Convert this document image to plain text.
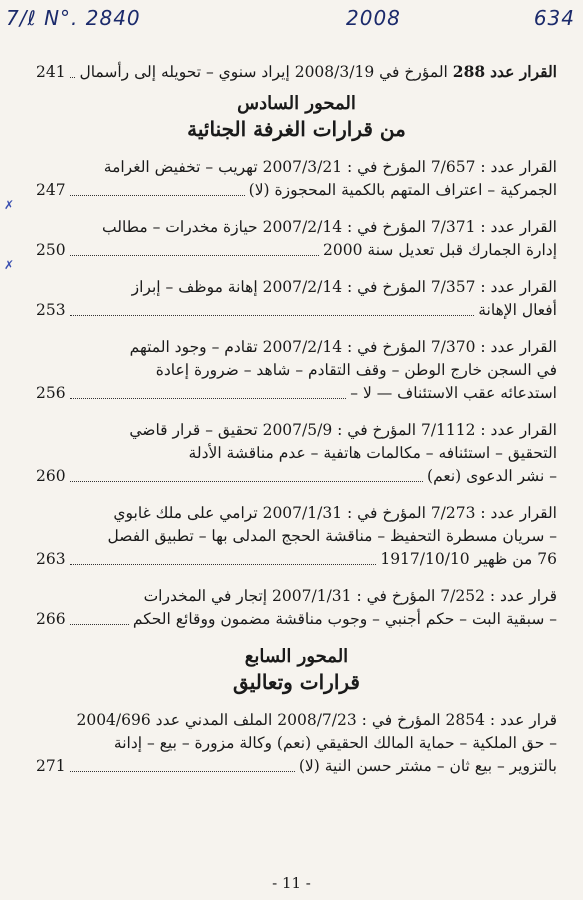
7/ℓ N°. 2840	2008	634
✗
✗
القرار عدد 288 المؤرخ في 2008/3/19 إيراد سنوي – تحويله إلى رأسمال
241
المحور السادس
من قرارات الغرفة الجنائية
القرار عدد : 7/657 المؤرخ في : 2007/3/21 تهريب – تخفيض الغرامة
الجمركية – اعتراف المتهم بالكمية المحجوزة (لا)
247
القرار عدد : 7/371 المؤرخ في : 2007/2/14 حيازة مخدرات – مطالب
إدارة الجمارك قبل تعديل سنة 2000
250
القرار عدد : 7/357 المؤرخ في : 2007/2/14 إهانة موظف – إبراز
أفعال الإهانة
253
القرار عدد : 7/370 المؤرخ في : 2007/2/14 تقادم – وجود المتهم
في السجن خارج الوطن – وقف التقادم – شاهد – ضرورة إعادة
استدعائه عقب الاستئناف — لا –
256
القرار عدد : 7/1112 المؤرخ في : 2007/5/9 تحقيق – قرار قاضي
التحقيق – استئنافه – مكالمات هاتفية – عدم مناقشة الأدلة
– نشر الدعوى (نعم)
260
القرار عدد : 7/273 المؤرخ في : 2007/1/31 ترامي على ملك غابوي
– سريان مسطرة التحفيظ – مناقشة الحجج المدلى بها – تطبيق الفصل
76 من ظهير 1917/10/10
263
قرار عدد : 7/252 المؤرخ في : 2007/1/31 إتجار في المخدرات
– سبقية البت – حكم أجنبي – وجوب مناقشة مضمون ووقائع الحكم
266
المحور السابع
قرارات وتعاليق
قرار عدد : 2854 المؤرخ في : 2008/7/23 الملف المدني عدد 2004/696
– حق الملكية – حماية المالك الحقيقي (نعم) وكالة مزورة – بيع – إدانة
بالتزوير – بيع ثان – مشتر حسن النية (لا)
271
- 11 -
